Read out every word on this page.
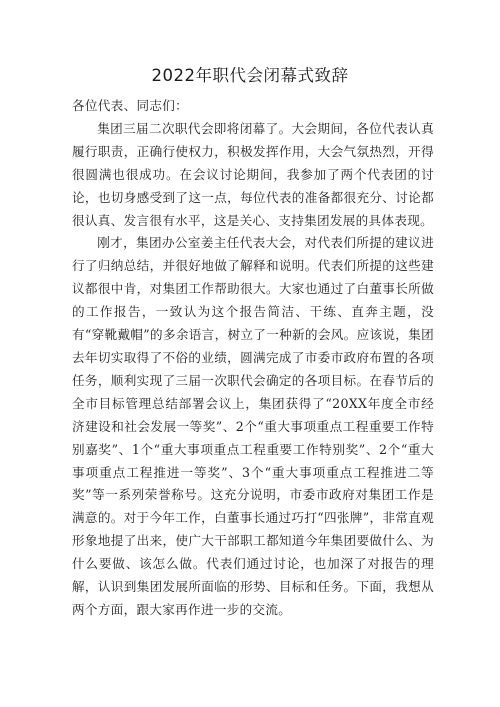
2022年职代会闭幕式致辞

各位代表、同志们：

集团三届二次职代会即将闭幕了。大会期间，各位代表认真履行职责，正确行使权力，积极发挥作用，大会气氛热烈，开得很圆满也很成功。在会议讨论期间，我参加了两个代表团的讨论，也切身感受到了这一点，每位代表的准备都很充分、讨论都很认真、发言很有水平，这是关心、支持集团发展的具体表现。

刚才，集团办公室姜主任代表大会，对代表们所提的建议进行了归纳总结，并很好地做了解释和说明。代表们所提的这些建议都很中肯，对集团工作帮助很大。大家也通过了白董事长所做的工作报告，一致认为这个报告简洁、干练、直奔主题，没有“穿靴戴帽”的多余语言，树立了一种新的会风。应该说，集团去年切实取得了不俗的业绩，圆满完成了市委市政府布置的各项任务，顺利实现了三届一次职代会确定的各项目标。在春节后的全市目标管理总结部署会议上，集团获得了“20XX年度全市经济建设和社会发展一等奖”、2个“重大事项重点工程重要工作特别嘉奖”、1个“重大事项重点工程重要工作特别奖”、2个“重大事项重点工程推进一等奖”、3个“重大事项重点工程推进二等奖”等一系列荣誉称号。这充分说明，市委市政府对集团工作是满意的。对于今年工作，白董事长通过巧打“四张牌”，非常直观形象地提了出来，使广大干部职工都知道今年集团要做什么、为什么要做、该怎么做。代表们通过讨论，也加深了对报告的理解，认识到集团发展所面临的形势、目标和任务。下面，我想从两个方面，跟大家再作进一步的交流。
